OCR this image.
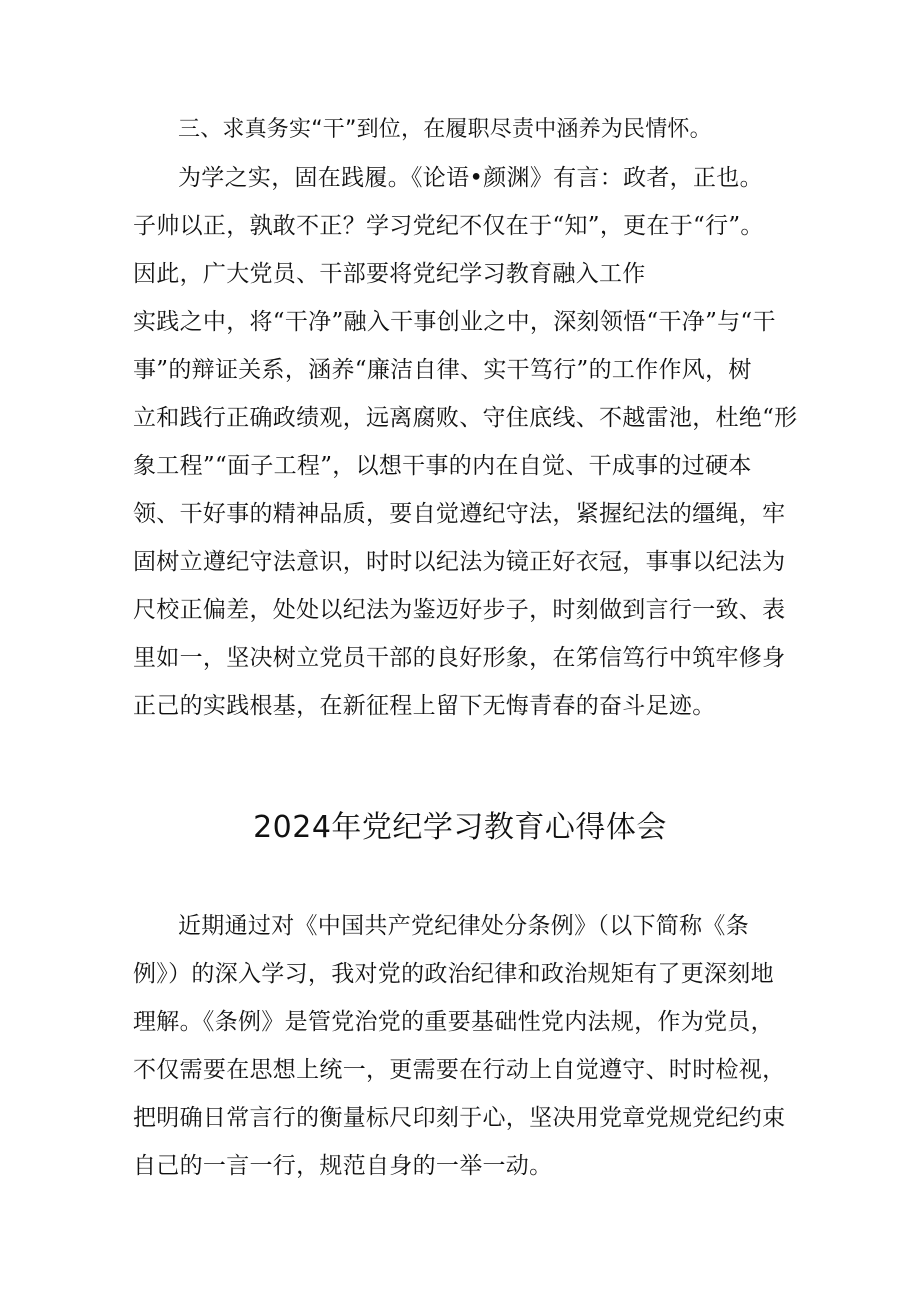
三、求真务实“干”到位，在履职尽责中涵养为民情怀。
为学之实，固在践履。《论语•颜渊》有言：政者，正也。
子帅以正，孰敢不正？学习党纪不仅在于“知”，更在于“行”。
因此，广大党员、干部要将党纪学习教育融入工作
实践之中，将“干净”融入干事创业之中，深刻领悟“干净”与“干
事”的辩证关系，涵养“廉洁自律、实干笃行”的工作作风，树
立和践行正确政绩观，远离腐败、守住底线、不越雷池，杜绝“形
象工程”“面子工程”，以想干事的内在自觉、干成事的过硬本
领、干好事的精神品质，要自觉遵纪守法，紧握纪法的缰绳，牢
固树立遵纪守法意识，时时以纪法为镜正好衣冠，事事以纪法为
尺校正偏差，处处以纪法为鉴迈好步子，时刻做到言行一致、表
里如一，坚决树立党员干部的良好形象，在笫信笃行中筑牢修身
正己的实践根基，在新征程上留下无悔青春的奋斗足迹。
2024年党纪学习教育心得体会
近期通过对《中国共产党纪律处分条例》（以下简称《条
例》）的深入学习，我对党的政治纪律和政治规矩有了更深刻地
理解。《条例》是管党治党的重要基础性党内法规，作为党员，
不仅需要在思想上统一，更需要在行动上自觉遵守、时时检视，
把明确日常言行的衡量标尺印刻于心，坚决用党章党规党纪约束
自己的一言一行，规范自身的一举一动。
